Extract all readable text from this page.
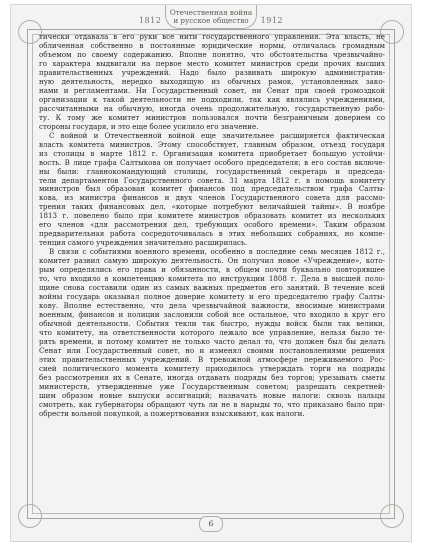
1812
Отечественная война
и русское общество	1912

тически отдавала в его руки все нити государственного управления. Эта власть, не
обличенная собственно в постоянные юридические нормы, отличалась громадным
объемом по своему содержанию. Вполне понятно, что обстоятельства чрезвычайно-
го характера выдвигали на первое место комитет министров среди прочих высших
правительственных учреждений. Надо было развивать широкую административ-
ную деятельность, нередко выходящую из обычных рамок, установленных зако-
нами и регламентами. Ни Государственный совет, ни Сенат при своей громоздкой
организации к такой деятельности не подходили, так как являлись учреждениями,
рассчитанными на обычную, иногда очень продолжительную, государственную рабо-
ту. К тому же комитет министров пользовался почти безграничным доверием со
стороны государя, и это еще более усилило его значение.

С войной и Отечественной войной еще значительнее расширяется фактическая
власть комитета министров. Этому способствует, главным образом, отъезд государя
из столицы в марте 1812 г. Организация комитета приобретает большую устойчи-
вость. В лице графа Салтыкова он получает особого председателя; в его состав включе-
ны были: главнокомандующий столицы, государственный секретарь и председа-
тели департаментов Государственного совета. 31 марта 1812 г. в помощь комитету
министров был образован комитет финансов под председательством графа Салты-
кова, из министра финансов и двух членов Государственного совета для рассмо-
трения таких финансовых дел, «которые потребуют величайшей тайны». В ноябре
1813 г. повелено было при комитете министров образовать комитет из нескольких
его членов «для рассмотрения дел, требующих особого времени». Таким образом
предварительная работа сосредоточивалась в этих небольших собраниях, но компе-
тенция самого учреждения значительно расширилась.

В связи с событиями военного времени, особенно в последние семь месяцев 1812 г.,
комитет развил самую широкую деятельность. Он получил новое «Учреждение», кото-
рым определялись его права и обязанности, в общем почти буквально повторявшее
то, что входило в компетенцию комитета по инструкции 1808 г. Дела в высшей поло-
щине снова составили один из самых важных предметов его занятий. В течение всей
войны государь оказывал полное доверие комитету и его председателю графу Салты-
кову. Вполне естественно, что дела чрезвычайной важности, вносимые министрами
военным, финансов и полиции заслонили собой все остальное, что входило в круг его
обычной деятельности. События текли так быстро, нужды войск были так велики,
что комитету, на ответственности которого лежало все управление, нельзя было те-
рять времени, и потому комитет не только часто делал то, что должен был бы делать
Сенат или Государственный совет, но и изменял своими постановлениями решения
этих правительственных учреждений. В тревожной атмосфере переживаемого Рос-
сией политического момента комитету приходилось утверждать торги на подряды
без рассмотрения их в Сенате, иногда отдавать подряды без торгов; урезывать сметы
министерств, утвержденные уже Государственным советом; разрешать секретней-
шим образом новые выпуски ассигнаций; назначать новые налоги: сквозь пальцы
смотреть, как губернаторы обращают чуть ли не в нарыды то, что приказано было при-
обрести вольной покупкой, а пожертвования взыскивают, как налоги.

6
